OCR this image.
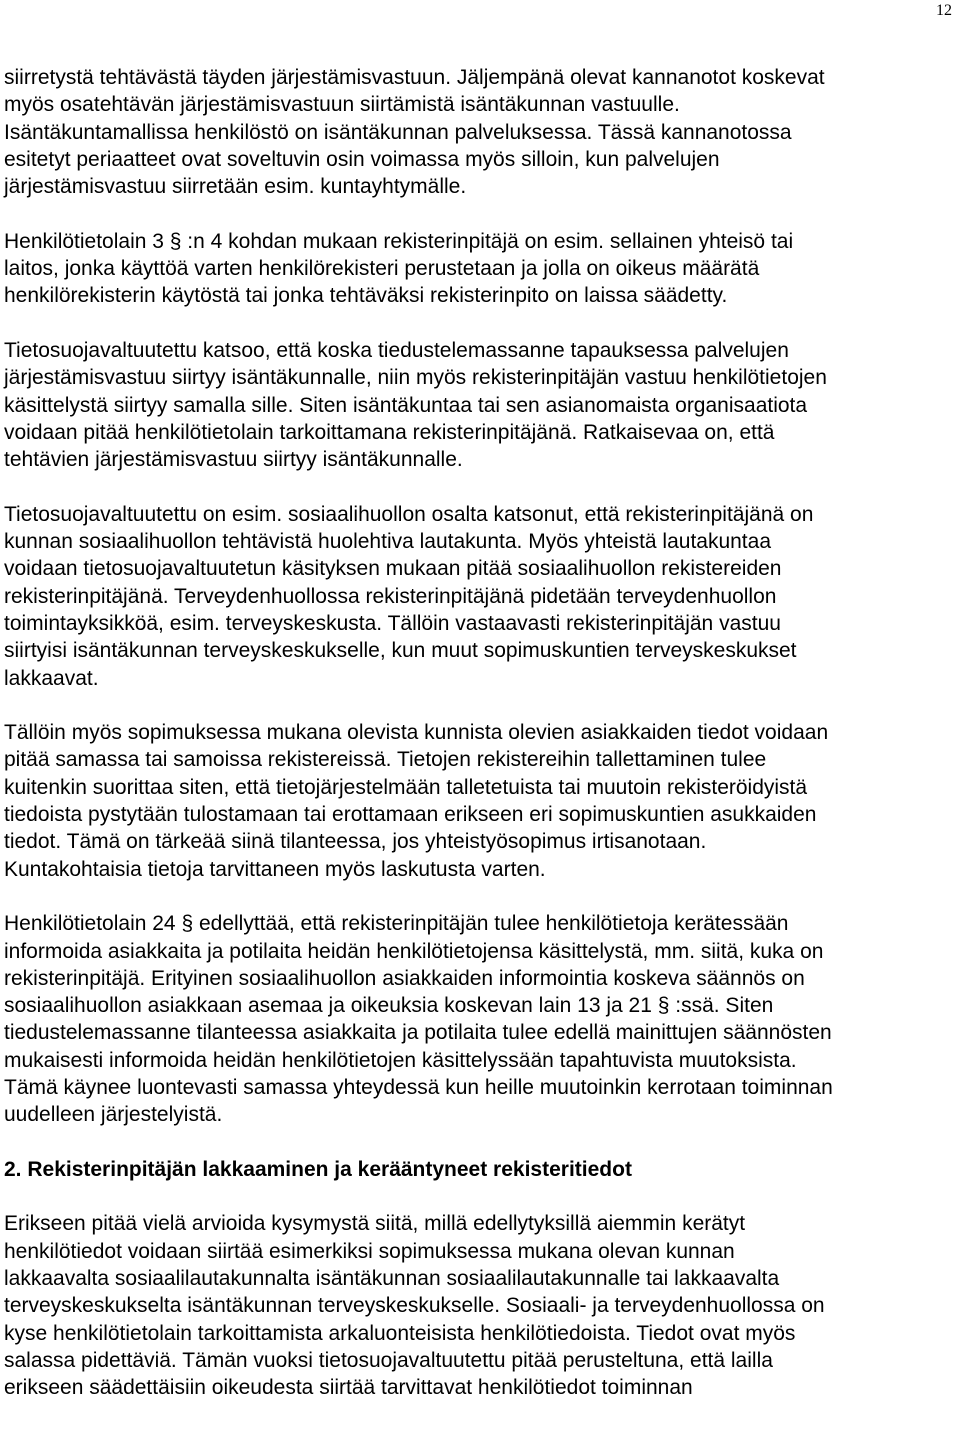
12

siirretystä tehtävästä täyden järjestämisvastuun. Jäljempänä olevat kannanotot koskevat
myös osatehtävän järjestämisvastuun siirtämistä isäntäkunnan vastuulle.
Isäntäkuntamallissa henkilöstö on isäntäkunnan palveluksessa. Tässä kannanotossa
esitetyt periaatteet ovat soveltuvin osin voimassa myös silloin, kun palvelujen
järjestämisvastuu siirretään esim. kuntayhtymälle.

Henkilötietolain 3 § :n 4 kohdan mukaan rekisterinpitäjä on esim. sellainen yhteisö tai
laitos, jonka käyttöä varten henkilörekisteri perustetaan ja jolla on oikeus määrätä
henkilörekisterin käytöstä tai jonka tehtäväksi rekisterinpito on laissa säädetty.

Tietosuojavaltuutettu katsoo, että koska tiedustelemassanne tapauksessa palvelujen
järjestämisvastuu siirtyy isäntäkunnalle, niin myös rekisterinpitäjän vastuu henkilötietojen
käsittelystä siirtyy samalla sille. Siten isäntäkuntaa tai sen asianomaista organisaatiota
voidaan pitää henkilötietolain tarkoittamana rekisterinpitäjänä. Ratkaisevaa on, että
tehtävien järjestämisvastuu siirtyy isäntäkunnalle.

Tietosuojavaltuutettu on esim. sosiaalihuollon osalta katsonut, että rekisterinpitäjänä on
kunnan sosiaalihuollon tehtävistä huolehtiva lautakunta. Myös yhteistä lautakuntaa
voidaan tietosuojavaltuutetun käsityksen mukaan pitää sosiaalihuollon rekistereiden
rekisterinpitäjänä. Terveydenhuollossa rekisterinpitäjänä pidetään terveydenhuollon
toimintayksikköä, esim. terveyskeskusta. Tällöin vastaavasti rekisterinpitäjän vastuu
siirtyisi isäntäkunnan terveyskeskukselle, kun muut sopimuskuntien terveyskeskukset
lakkaavat.

Tällöin myös sopimuksessa mukana olevista kunnista olevien asiakkaiden tiedot voidaan
pitää samassa tai samoissa rekistereissä. Tietojen rekistereihin tallettaminen tulee
kuitenkin suorittaa siten, että tietojärjestelmään talletetuista tai muutoin rekisteröidyistä
tiedoista pystytään tulostamaan tai erottamaan erikseen eri sopimuskuntien asukkaiden
tiedot. Tämä on tärkeää siinä tilanteessa, jos yhteistyösopimus irtisanotaan.
Kuntakohtaisia tietoja tarvittaneen myös laskutusta varten.

Henkilötietolain 24 § edellyttää, että rekisterinpitäjän tulee henkilötietoja kerätessään
informoida asiakkaita ja potilaita heidän henkilötietojensa käsittelystä, mm. siitä, kuka on
rekisterinpitäjä. Erityinen sosiaalihuollon asiakkaiden informointia koskeva säännös on
sosiaalihuollon asiakkaan asemaa ja oikeuksia koskevan lain 13 ja 21 § :ssä. Siten
tiedustelemassanne tilanteessa asiakkaita ja potilaita tulee edellä mainittujen säännösten
mukaisesti informoida heidän henkilötietojen käsittelyssään tapahtuvista muutoksista.
Tämä käynee luontevasti samassa yhteydessä kun heille muutoinkin kerrotaan toiminnan
uudelleen järjestelyistä.

2. Rekisterinpitäjän lakkaaminen ja kerääntyneet rekisteritiedot

Erikseen pitää vielä arvioida kysymystä siitä, millä edellytyksillä aiemmin kerätyt
henkilötiedot voidaan siirtää esimerkiksi sopimuksessa mukana olevan kunnan
lakkaavalta sosiaalilautakunnalta isäntäkunnan sosiaalilautakunnalle tai lakkaavalta
terveyskeskukselta isäntäkunnan terveyskeskukselle. Sosiaali- ja terveydenhuollossa on
kyse henkilötietolain tarkoittamista arkaluonteisista henkilötiedoista. Tiedot ovat myös
salassa pidettäviä. Tämän vuoksi tietosuojavaltuutettu pitää perusteltuna, että lailla
erikseen säädettäisiin oikeudesta siirtää tarvittavat henkilötiedot toiminnan
